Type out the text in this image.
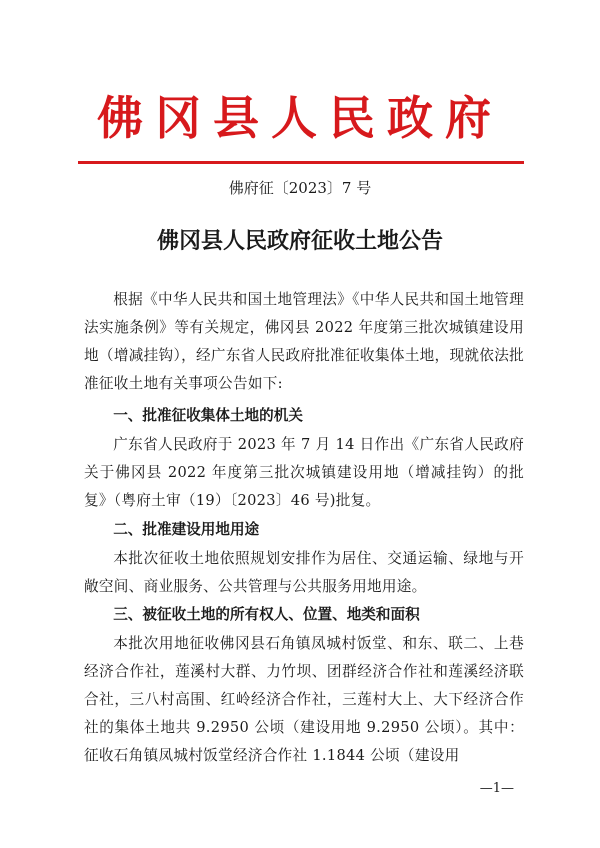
佛冈县人民政府
佛府征〔2023〕7 号
佛冈县人民政府征收土地公告
根据《中华人民共和国土地管理法》《中华人民共和国土地管理法实施条例》等有关规定，佛冈县 2022 年度第三批次城镇建设用地（增减挂钩），经广东省人民政府批准征收集体土地，现就依法批准征收土地有关事项公告如下:
一、批准征收集体土地的机关
广东省人民政府于 2023 年 7 月 14 日作出《广东省人民政府关于佛冈县 2022 年度第三批次城镇建设用地（增减挂钩）的批复》（粤府土审（19）〔2023〕46 号)批复。
二、批准建设用地用途
本批次征收土地依照规划安排作为居住、交通运输、绿地与开敞空间、商业服务、公共管理与公共服务用地用途。
三、被征收土地的所有权人、位置、地类和面积
本批次用地征收佛冈县石角镇凤城村饭堂、和东、联二、上巷经济合作社，莲溪村大群、力竹坝、团群经济合作社和莲溪经济联合社，三八村高围、红岭经济合作社，三莲村大上、大下经济合作社的集体土地共 9.2950 公顷（建设用地 9.2950 公顷）。其中：征收石角镇凤城村饭堂经济合作社 1.1844 公顷（建设用
—1—
